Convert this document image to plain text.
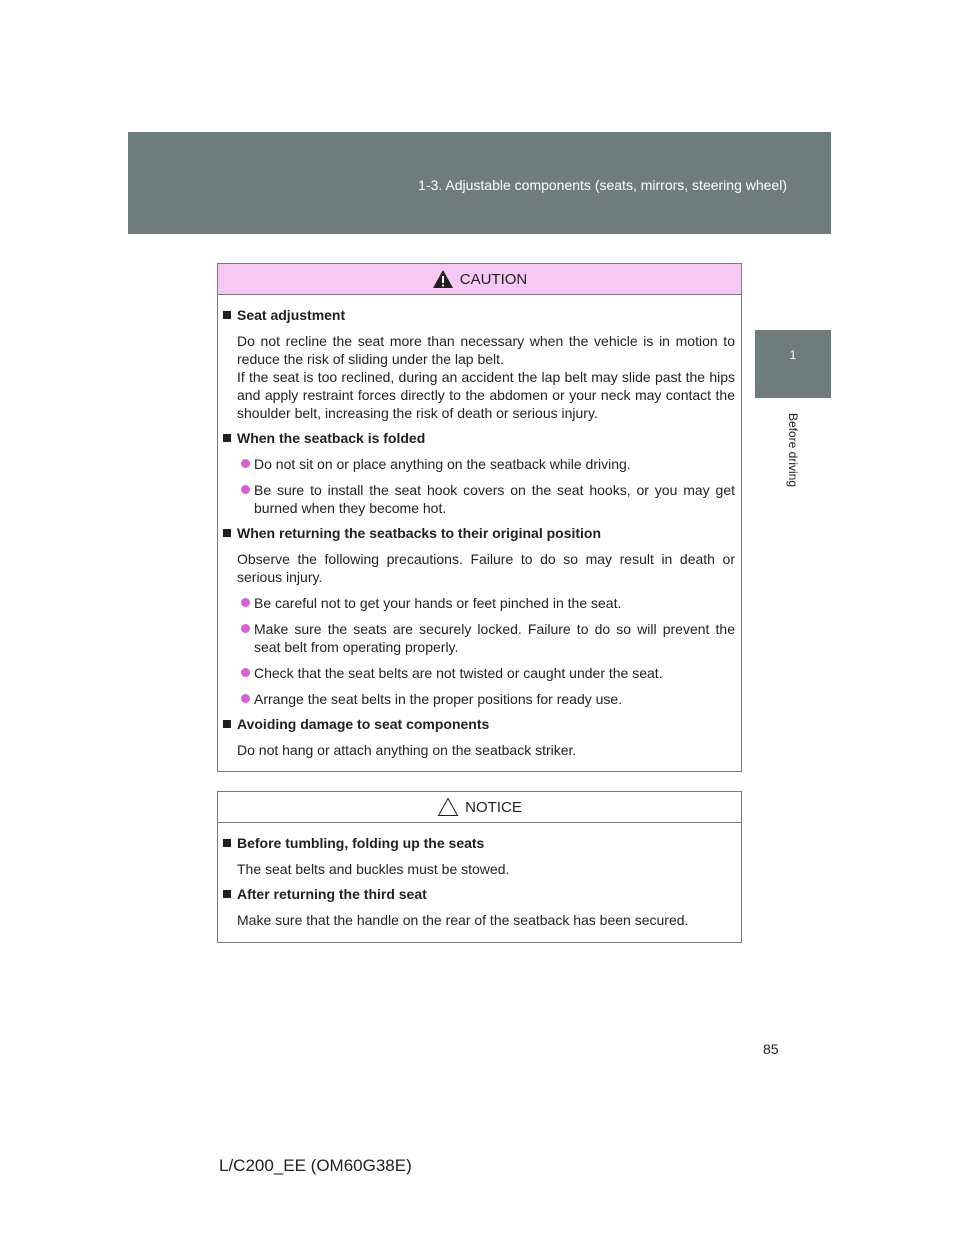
1-3. Adjustable components (seats, mirrors, steering wheel)
1
Before driving
CAUTION
Seat adjustment
Do not recline the seat more than necessary when the vehicle is in motion to reduce the risk of sliding under the lap belt.
If the seat is too reclined, during an accident the lap belt may slide past the hips and apply restraint forces directly to the abdomen or your neck may contact the shoulder belt, increasing the risk of death or serious injury.
When the seatback is folded
Do not sit on or place anything on the seatback while driving.
Be sure to install the seat hook covers on the seat hooks, or you may get burned when they become hot.
When returning the seatbacks to their original position
Observe the following precautions. Failure to do so may result in death or serious injury.
Be careful not to get your hands or feet pinched in the seat.
Make sure the seats are securely locked. Failure to do so will prevent the seat belt from operating properly.
Check that the seat belts are not twisted or caught under the seat.
Arrange the seat belts in the proper positions for ready use.
Avoiding damage to seat components
Do not hang or attach anything on the seatback striker.
NOTICE
Before tumbling, folding up the seats
The seat belts and buckles must be stowed.
After returning the third seat
Make sure that the handle on the rear of the seatback has been secured.
85
L/C200_EE (OM60G38E)
